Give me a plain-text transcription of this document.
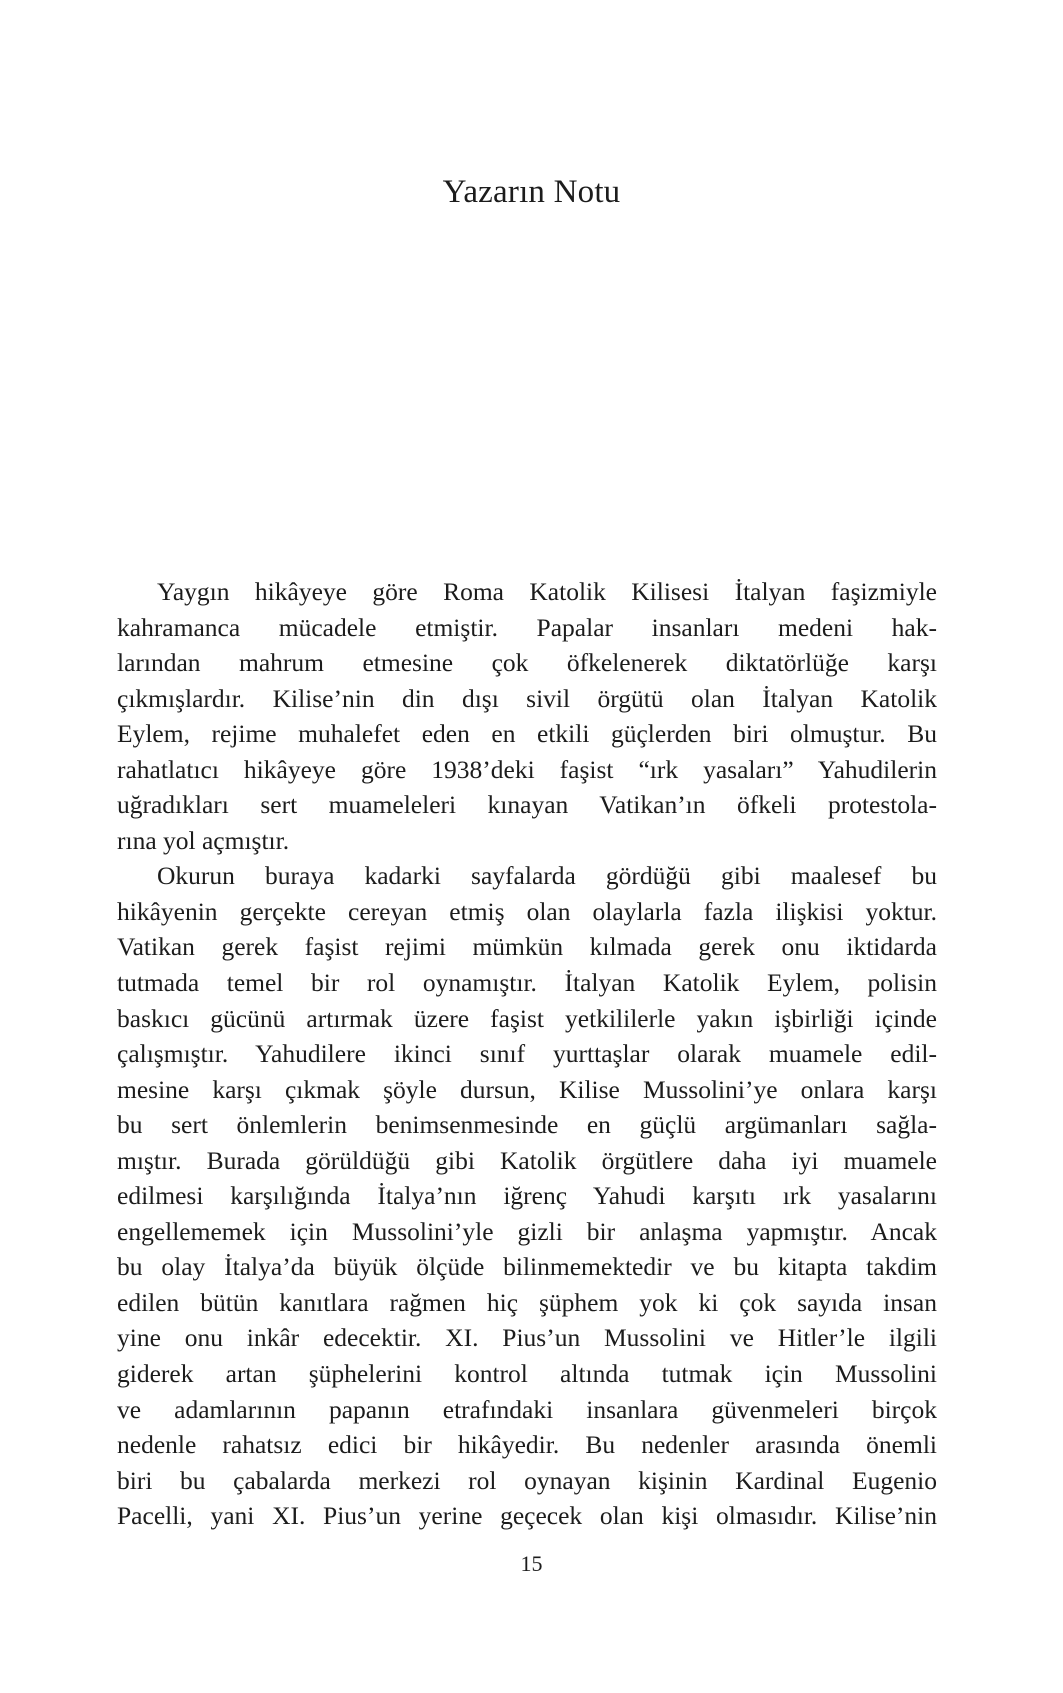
Yazarın Notu
Yaygın hikâyeye göre Roma Katolik Kilisesi İtalyan faşizmiyle
kahramanca mücadele etmiştir. Papalar insanları medeni hak-
larından mahrum etmesine çok öfkelenerek diktatörlüğe karşı
çıkmışlardır. Kilise’nin din dışı sivil örgütü olan İtalyan Katolik
Eylem, rejime muhalefet eden en etkili güçlerden biri olmuştur. Bu
rahatlatıcı hikâyeye göre 1938’deki faşist “ırk yasaları” Yahudilerin
uğradıkları sert muameleleri kınayan Vatikan’ın öfkeli protestola-
rına yol açmıştır.
Okurun buraya kadarki sayfalarda gördüğü gibi maalesef bu
hikâyenin gerçekte cereyan etmiş olan olaylarla fazla ilişkisi yoktur.
Vatikan gerek faşist rejimi mümkün kılmada gerek onu iktidarda
tutmada temel bir rol oynamıştır. İtalyan Katolik Eylem, polisin
baskıcı gücünü artırmak üzere faşist yetkililerle yakın işbirliği içinde
çalışmıştır. Yahudilere ikinci sınıf yurttaşlar olarak muamele edil-
mesine karşı çıkmak şöyle dursun, Kilise Mussolini’ye onlara karşı
bu sert önlemlerin benimsenmesinde en güçlü argümanları sağla-
mıştır. Burada görüldüğü gibi Katolik örgütlere daha iyi muamele
edilmesi karşılığında İtalya’nın iğrenç Yahudi karşıtı ırk yasalarını
engellememek için Mussolini’yle gizli bir anlaşma yapmıştır. Ancak
bu olay İtalya’da büyük ölçüde bilinmemektedir ve bu kitapta takdim
edilen bütün kanıtlara rağmen hiç şüphem yok ki çok sayıda insan
yine onu inkâr edecektir. XI. Pius’un Mussolini ve Hitler’le ilgili
giderek artan şüphelerini kontrol altında tutmak için Mussolini
ve adamlarının papanın etrafındaki insanlara güvenmeleri birçok
nedenle rahatsız edici bir hikâyedir. Bu nedenler arasında önemli
biri bu çabalarda merkezi rol oynayan kişinin Kardinal Eugenio
Pacelli, yani XI. Pius’un yerine geçecek olan kişi olmasıdır. Kilise’nin
15
